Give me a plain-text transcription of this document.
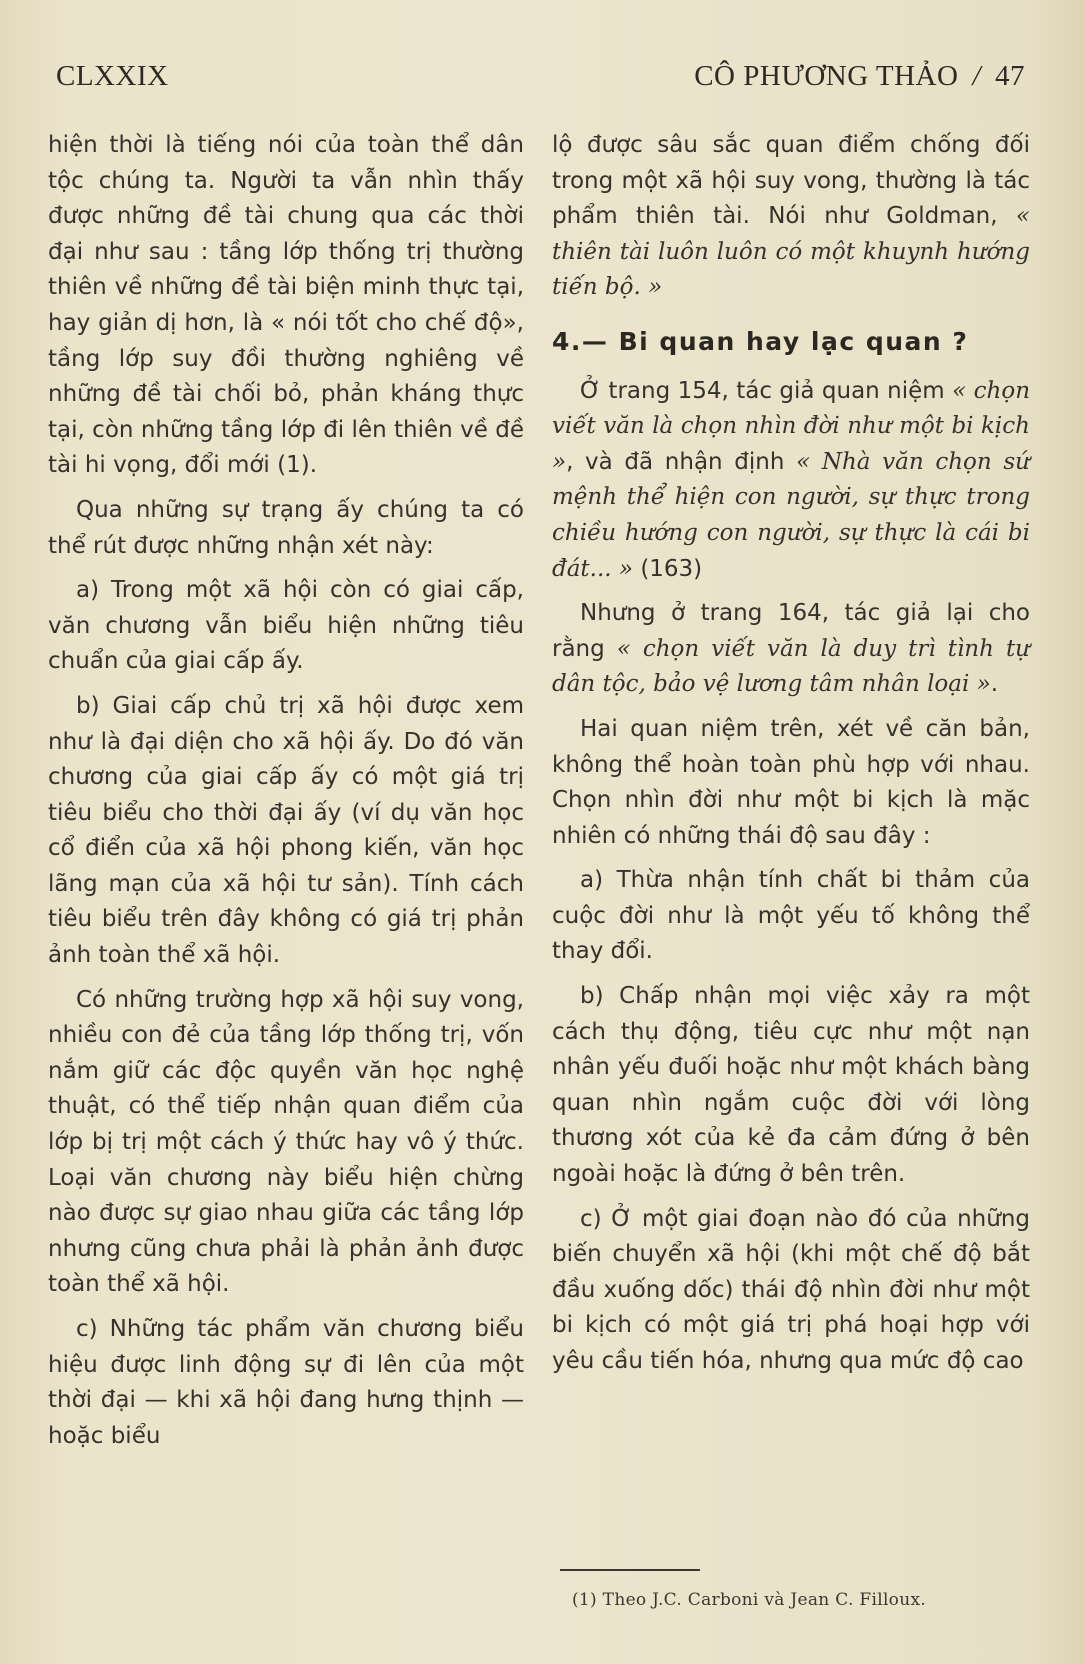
CLXXIX	CÔ PHƯƠNG THẢO / 47

hiện thời là tiếng nói của toàn thể dân tộc chúng ta. Người ta vẫn nhìn thấy được những đề tài chung qua các thời đại như sau : tầng lớp thống trị thường thiên về những đề tài biện minh thực tại, hay giản dị hơn, là « nói tốt cho chế độ», tầng lớp suy đồi thường nghiêng về những đề tài chối bỏ, phản kháng thực tại, còn những tầng lớp đi lên thiên về đề tài hi vọng, đổi mới (1).

Qua những sự trạng ấy chúng ta có thể rút được những nhận xét này:

a) Trong một xã hội còn có giai cấp, văn chương vẫn biểu hiện những tiêu chuẩn của giai cấp ấy.

b) Giai cấp chủ trị xã hội được xem như là đại diện cho xã hội ấy. Do đó văn chương của giai cấp ấy có một giá trị tiêu biểu cho thời đại ấy (ví dụ văn học cổ điển của xã hội phong kiến, văn học lãng mạn của xã hội tư sản). Tính cách tiêu biểu trên đây không có giá trị phản ảnh toàn thể xã hội.

Có những trường hợp xã hội suy vong, nhiều con đẻ của tầng lớp thống trị, vốn nắm giữ các độc quyền văn học nghệ thuật, có thể tiếp nhận quan điểm của lớp bị trị một cách ý thức hay vô ý thức. Loại văn chương này biểu hiện chừng nào được sự giao nhau giữa các tầng lớp nhưng cũng chưa phải là phản ảnh được toàn thể xã hội.

c) Những tác phẩm văn chương biểu hiệu được linh động sự đi lên của một thời đại — khi xã hội đang hưng thịnh — hoặc biểu

lộ được sâu sắc quan điểm chống đối trong một xã hội suy vong, thường là tác phẩm thiên tài. Nói như Goldman, « thiên tài luôn luôn có một khuynh hướng tiến bộ. »

4.— Bi quan hay lạc quan ?

Ở trang 154, tác giả quan niệm « chọn viết văn là chọn nhìn đời như một bi kịch », và đã nhận định « Nhà văn chọn sứ mệnh thể hiện con người, sự thực trong chiều hướng con người, sự thực là cái bi đát... » (163)

Nhưng ở trang 164, tác giả lại cho rằng « chọn viết văn là duy trì tình tự dân tộc, bảo vệ lương tâm nhân loại ».

Hai quan niệm trên, xét về căn bản, không thể hoàn toàn phù hợp với nhau. Chọn nhìn đời như một bi kịch là mặc nhiên có những thái độ sau đây :

a) Thừa nhận tính chất bi thảm của cuộc đời như là một yếu tố không thể thay đổi.

b) Chấp nhận mọi việc xảy ra một cách thụ động, tiêu cực như một nạn nhân yếu đuối hoặc như một khách bàng quan nhìn ngắm cuộc đời với lòng thương xót của kẻ đa cảm đứng ở bên ngoài hoặc là đứng ở bên trên.

c) Ở một giai đoạn nào đó của những biến chuyển xã hội (khi một chế độ bắt đầu xuống dốc) thái độ nhìn đời như một bi kịch có một giá trị phá hoại hợp với yêu cầu tiến hóa, nhưng qua mức độ cao

(1) Theo J.C. Carboni và Jean C. Filloux.
